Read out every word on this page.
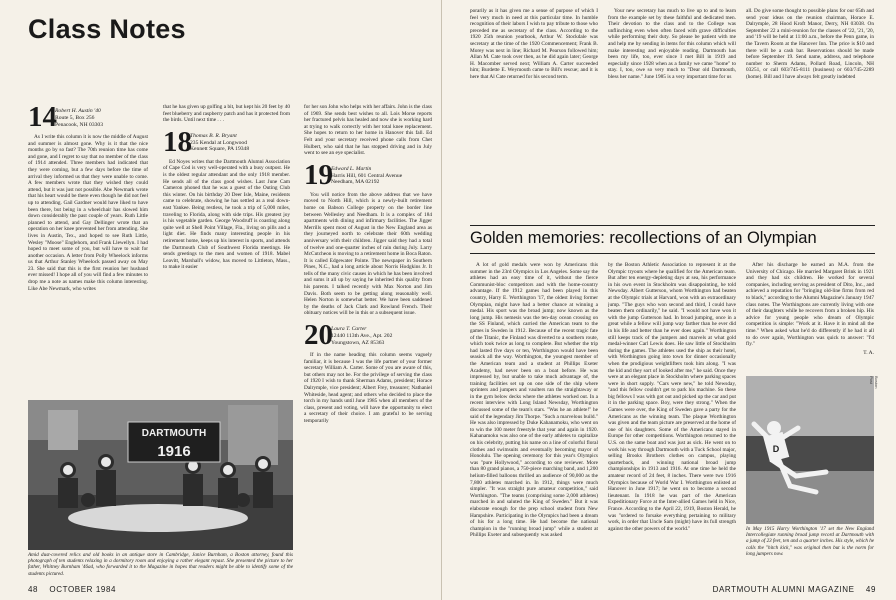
Class Notes
14
Robert H. Austin '40
Route 5, Box 256
Penacook, NH 03303

As I write this column it is now the middle of August and summer is almost gone. Why is it that the nice months go by so fast? The 70th reunion time has come and gone, and I regret to say that no member of the class of 1914 attended. Three members had indicated that they were coming, but a few days before the time of arrival they informed us that they were unable to come. A few members wrote that they wished they could attend, but it was just not possible. Abe Newmark wrote that his heart would be there even though he did not feel up to attending. Gail Gardner would have liked to have been there, but being in a wheelchair has slowed him down considerably the past couple of years. Ruth Little planned to attend, and Gay Dellinger wrote that an operation on her knee prevented her from attending. She lives in Austin, Tex., and hoped to see Ruth Little, Wesley "Moose" Englehorn, and Frank Llewellyn. I had hoped to meet some of you, but will have to wait for another occasion. A letter from Polly Wheelock informs us that Arthur Stanley Wheelock passed away on May 23. She said that this is the first reunion her husband ever missed! I hope all of you will find a few minutes to drop me a note as names make this column interesting. Like Abe Newmark, who writes

that he has given up golfing a bit, but kept his 20 feet by 40 feet blueberry and raspberry patch and has it protected from the birds. Until next time . . .

18
Thomas B. R. Bryant
235 Kendal at Longwood
Kennett Square, PA 19348

Ed Noyes writes that the Dartmouth Alumni Association of Cape Cod is very well-operated with a busy outpost. He is the oldest regular attendant and the only 1918 member. He sends all of the class good wishes. Last June Cam Cameron phoned that he was a guest of the Outing Club this winter. On his birthday 20 Deer Isle, Maine, residents came to celebrate, showing he has settled as a real down-east Yankee. Being restless, he took a trip of 5,000 miles, traveling to Florida, along with side trips. His greatest joy is his vegetable garden. George Woodruff is coasting along quite well at Shell Point Village, Fla., living on pills and a light diet. He finds many interesting people in his retirement home, keeps up his interest in sports, and attends the Dartmouth Club of Southwest Florida meetings. He sends greetings to the men and women of 1918. Mabel Leavitt, Marshall's widow, has moved to Littleton, Mass., to make it easier

for her son John who helps with her affairs. John is the class of 1969. She sends best wishes to all. Lois Morse reports her fractured pelvis has healed and now she is working hard at trying to walk correctly with her total knee replacement. She hopes to return to her home in Hanover this fall. Ed Felt and your secretary received phone calls from Chet Hulbert, who said that he has stopped driving and in July went to see an eye specialist.

19
Edward L. Martin
Harris Hill, 601 Central Avenue
Needham, MA 02192

You will notice from the above address that we have moved to North Hill, which is a newly-built retirement home on Babson College property on the border line between Wellesley and Needham. It is a complex of 184 apartments with dining and infirmary facilities. The Jigger Merrills spent most of August in the New England area as they journeyed north to celebrate their 60th wedding anniversary with their children. Jigger said they had a total of twelve and one-quarter inches of rain during July. Larry McCutcheon is moving to a retirement home in Boca Raton. It is called Edgewater Pointe. The newspaper in Southern Pines, N.C., had a long article about Norris Hodgkins Jr. It tells of the many civic causes in which he has been involved and sums it all up by saying he inherited this quality from his parents. I talked recently with Max Norton and Jim Davis. Both seem to be getting along reasonably well. Helen Norton is somewhat better. We have been saddened by the deaths of Jack Clark and Rowland French. Their obituary notices will be in this or a subsequent issue.

20
Laura T. Carter
12440 113th Ave., Apt. 202
Youngstown, AZ 85363

If in the name heading this column seems vaguely familiar, it is because I was the life partner of your former secretary William A. Carter. Some of you are aware of this, but others may not be. For the privilege of serving the class of 1920 I wish to thank Sherman Adams, president; Horace Dalrymple, vice president; Albert Frey, treasurer; Nathaniel Whiteside, head agent; and others who decided to place the torch in my hands until June 1985 when all members of the class, present and voting, will have the opportunity to elect a secretary of their choice. I am grateful to be serving temporarily

DARTMOUTH
1916
Amid dust-covered relics and old books in an antique store in Cambridge, Janice Burnham, a Boston attorney, found this photograph of ten students relaxing in a dormitory room and enjoying a rather elegant repast. She presented the picture to her father, Whitney Burnham '46ad, who forwarded it to the Magazine in hopes that readers might be able to identify some of the students pictured.
48 OCTOBER 1984

porarily as it has given me a sense of purpose of which I feel very much in need at this particular time. In humble recognition of their labors I wish to pay tribute to those who preceded me as secretary of the class. According to the 1920 25th reunion yearbook, Arthur W. Stockdale was secretary at the time of the 1920 Commencement; Frank B. Morey was next in line; Richard M. Pearson followed him; Allan M. Cate took over then, as he did again later; George H. Macomber served next; William A. Carter succeeded him; Burdette E. Weymouth came to Bill's rescue; and it is here that Al Cate returned for his second term.

Your new secretary has much to live up to and to learn from the example set by these faithful and dedicated men. Their devotion to the class and to the College was unflinching even when often faced with grave difficulties while performing their duty. So please be patient with me and help me by sending in items for this column which will make interesting and enjoyable reading. Dartmouth has been my life, too, ever since I met Bill in 1919 and especially since 1928 when as a family we came "home" to stay. I, too, owe so very much to "Dear old Dartmouth, bless her name." June 1985 is a very important time for us

all. Do give some thought to possible plans for our 65th and send your ideas on the reunion chairman, Horace E. Dalrymple, 28 Hood Kroft Manor, Derry, NH 03038. On September 22 a mini-reunion for the classes of '22, '21, '20, and '19 will be held at 11:00 a.m., before the Penn game, in the Tavern Room at the Hanover Inn. The price is $10 and there will be a cash bar. Reservations should be made before September 19. Send name, address, and telephone number to Sherm Adams, Pollard Road, Lincoln, NH 03251, or call 603/745-8111 (business) or 603/745-2289 (home). Bill and I have always felt greatly indebted

Golden memories: recollections of an Olympian

A lot of gold medals were won by Americans this summer in the 23rd Olympics in Los Angeles. Some say the athletes had an easy time of it, without the fierce Communist-bloc competitors and with the home-country advantage. If the 1912 games had been played in this country, Harry E. Worthington '17, the oldest living former Olympian, might have had a better chance at winning a medal. His sport was the broad jump; now known as the long jump. His nemesis was the ten-day ocean crossing on the SS Finland, which carried the American team to the games in Sweden in 1912. Because of the recent tragic fate of the Titanic, the Finland was diverted to a southern route, which took twice as long to complete. But whether the trip had lasted five days or ten, Worthington would have been seasick all the way. Worthington, the youngest member of the American team and a student at Phillips Exeter Academy, had never been on a boat before. He was impressed by, but unable to take much advantage of, the training facilities set up on one side of the ship where sprinters and jumpers and vaulters ran the straightaway or in the gym below decks where the athletes worked out. In a recent interview with Long Island Newsday, Worthington discussed some of the team's stars. "Was he an athlete!" he said of the legendary Jim Thorpe. "Such a marvelous build." He was also impressed by Duke Kahanamoku, who went on to win the 100 meter freestyle that year and again in 1920. Kahanamoku was also one of the early athletes to capitalize on his celebrity, putting his name on a line of colorful floral clothes and swimsuits and eventually becoming mayor of Honolulu. The opening ceremony for this year's Olympics was "pure Hollywood," according to one reviewer. More than 80 grand pianos, a 750-piece marching band, and 1,200 helium-filled balloons thrilled an audience of 90,000 as the 7,800 athletes marched in. In 1912, things were much simpler. "It was straight pure amateur competition," said Worthington. "The teams (comprising some 2,000 athletes) marched in and saluted the King of Sweden." But it was elaborate enough for the prep school student from New Hampshire. Participating in the Olympics had been a dream of his for a long time. He had become the national champion in the "running broad jump" while a student at Phillips Exeter and subsequently was asked

by the Boston Athletic Association to represent it at the Olympic tryouts where he qualified for the American team. But after ten energy-depleting days at sea, his performance in his own event in Stockholm was disappointing, he told Newsday. Albert Gutterson, whom Worthington had beaten at the Olympic trials at Harvard, won with an extraordinary jump. "The guys who won second and third, I could have beaten them ordinarily," he said. "I would not have won it with the jump Gutterson had. In broad jumping, once in a great while a fellow will jump way farther than he ever did in his life and better than he ever does again." Worthington still keeps track of the jumpers and marvels at what gold medal-winner Carl Lewis does. He saw little of Stockholm during the games. The athletes used the ship as their hotel, with Worthington going into town for dinner occasionally when the prodigious weightlifters took him along. "I was the kid and they sort of looked after me," he said. Once they were at an elegant place in Stockholm where parking spaces were in short supply. "Cars were new," he told Newsday, "and this fellow couldn't get to park his machine. So these big fellows I was with got out and picked up the car and put it in the parking space. Boy, were they strong." When the Games were over, the King of Sweden gave a party for the Americans as the winning team. The plaque Worthington was given and the team picture are preserved at the home of one of his daughters. Some of the Americans stayed in Europe for other competitions. Worthington returned to the U.S. on the same boat and was just as sick. He went on to work his way through Dartmouth with a Tuck School major, selling Brooks Brothers clothes on campus, playing quarterback, and winning national broad jump championships in 1913 and 1916. At one time he held the amateur record of 24 feet, 8 inches. There were two 1916 Olympics because of World War I. Worthington enlisted at Hanover in June 1917; he went on to become a second lieutenant. In 1918 he was part of the American Expeditionary Force at the Inter-allied Games held in Nice, France. According to the April 22, 1919, Boston Herald, he was "ordered to forsake everything pertaining to military work, in order that Uncle Sam (might) have its full strength against the other powers of the world."

After his discharge he earned an M.A. from the University of Chicago. He married Margaret Brink in 1921 and they had six children. He worked for several companies, including serving as president of Dito, Inc., and achieved a reputation for "bringing old-line firms from red to black," according to the Alumni Magazine's January 1947 class notes. The Worthingtons are currently living with one of their daughters while he recovers from a broken hip. His advice for young people who dream of Olympic competition is simple: "Work at it. Have it in mind all the time." When asked what he'd do differently if he had it all to do over again, Worthington was quick to answer: "I'd fly."

T. A.
D
Boston Post
In May 1915 Harry Worthington '17 set the New England Intercollegiate running broad jump record at Dartmouth with a jump of 23 feet, ten and a quarter inches. His style, which he calls the "hitch kick," was original then but is the norm for long jumpers now.
DARTMOUTH ALUMNI MAGAZINE 49
